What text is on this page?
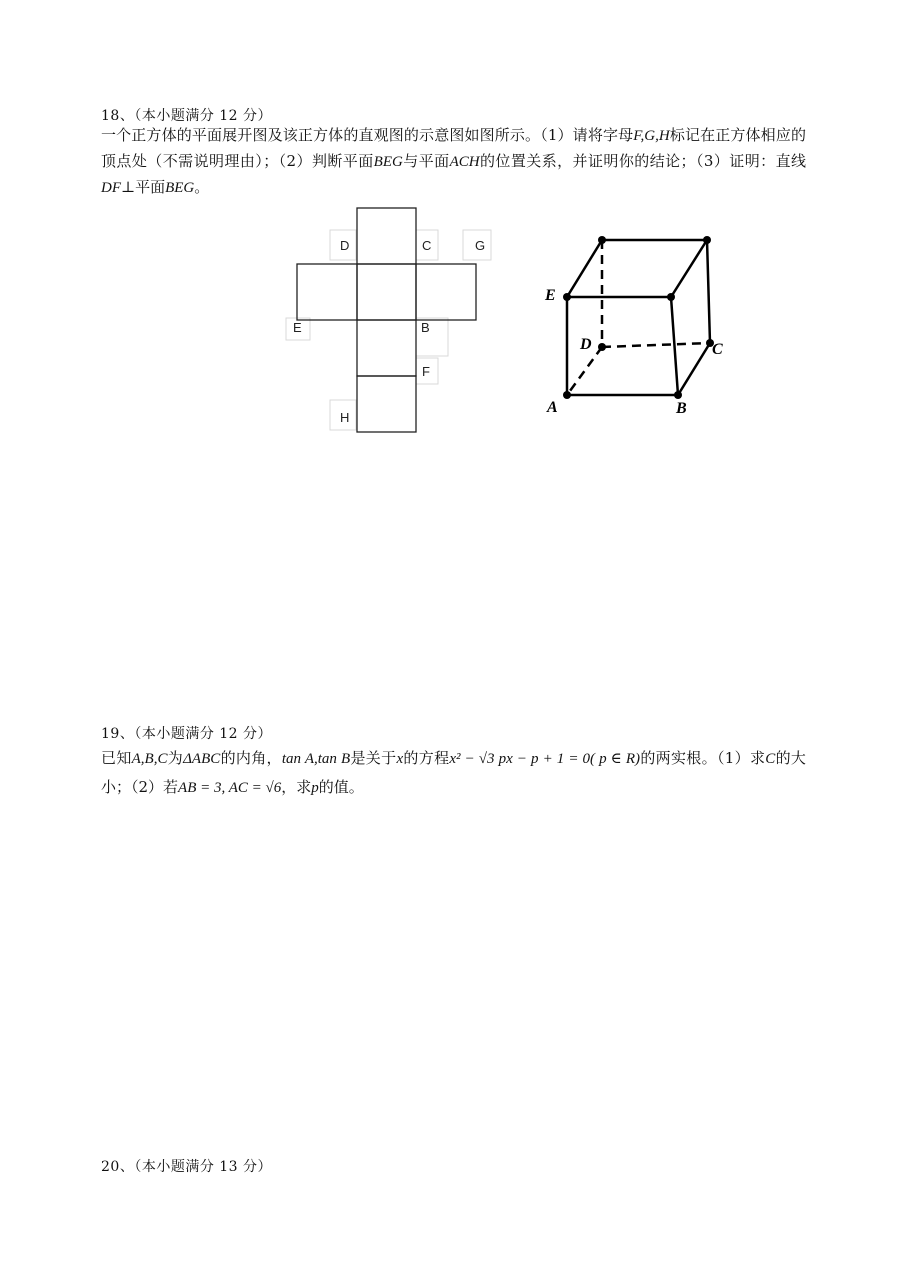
18、（本小题满分 12 分）
一个正方体的平面展开图及该正方体的直观图的示意图如图所示。（1）请将字母F,G,H标记在正方体相应的顶点处（不需说明理由）；（2）判断平面BEG与平面ACH的位置关系，并证明你的结论；（3）证明：直线DF⊥平面BEG。
D	C	G
E	B
F
H
E
D	C
A	B
19、（本小题满分 12 分）
已知A,B,C为ΔABC的内角，tan A,tan B是关于x的方程x² − √3 px − p + 1 = 0( p ∈ R)的两实根。（1）求C的大小；（2）若AB = 3, AC = √6，求p的值。
20、（本小题满分 13 分）
